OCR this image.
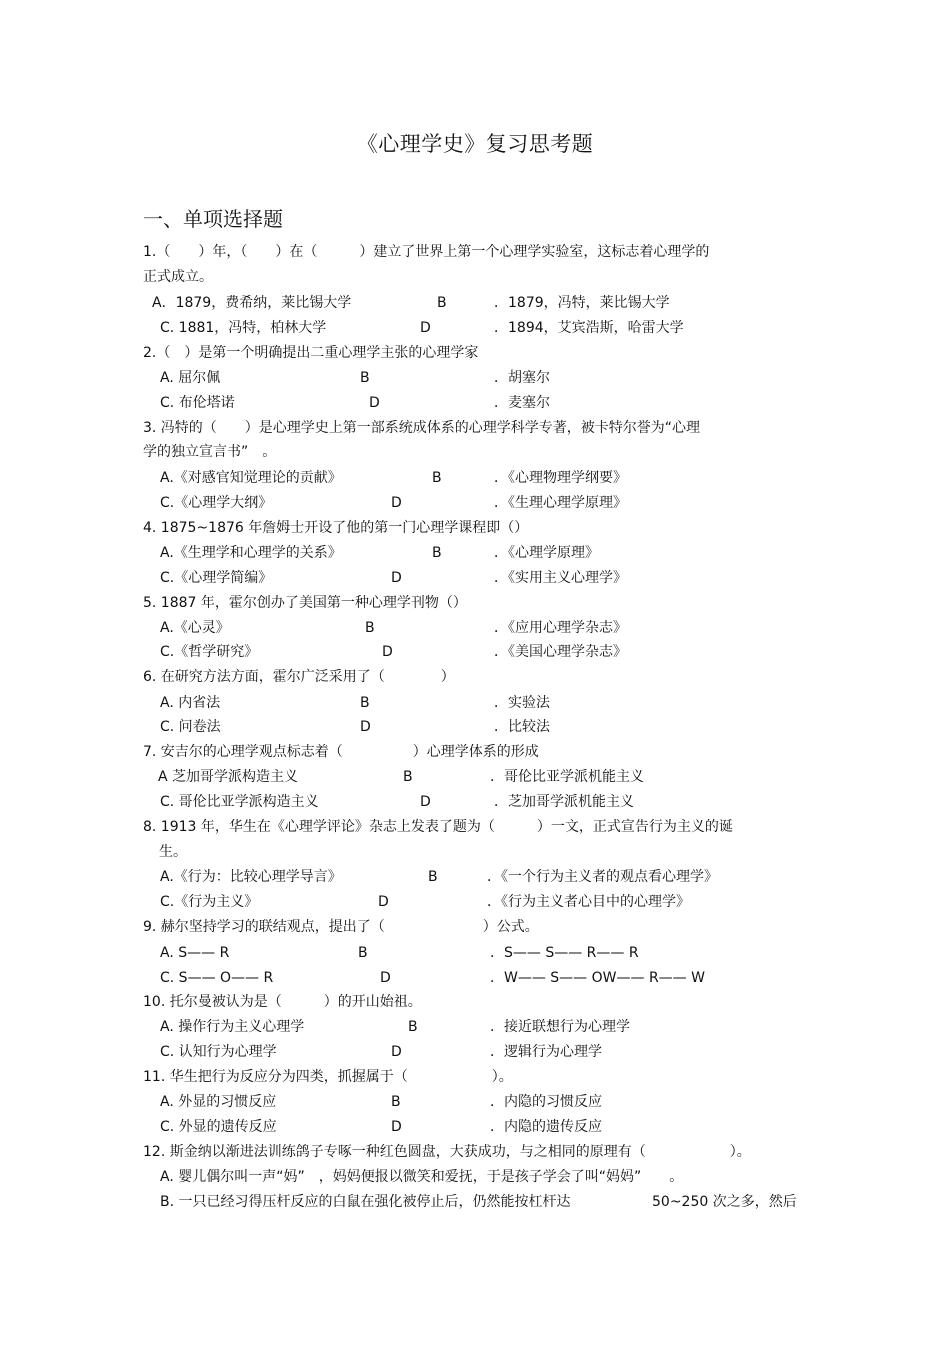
《心理学史》复习思考题
一、单项选择题
1.（　　）年，（　　）在（　　　）建立了世界上第一个心理学实验室，这标志着心理学的
正式成立。
A．1879，费希纳，莱比锡大学	B	．1879，冯特，莱比锡大学
C. 1881，冯特，柏林大学	D	．1894，艾宾浩斯，哈雷大学
2.（　）是第一个明确提出二重心理学主张的心理学家
A. 屈尔佩	B	．胡塞尔
C. 布伦塔诺	D	．麦塞尔
3. 冯特的（　　）是心理学史上第一部系统成体系的心理学科学专著，被卡特尔誉为“心理
学的独立宣言书”　。
A.《对感官知觉理论的贡献》	B	．《心理物理学纲要》
C.《心理学大纲》	D	．《生理心理学原理》
4. 1875~1876 年詹姆士开设了他的第一门心理学课程即（）
A.《生理学和心理学的关系》	B	．《心理学原理》
C.《心理学简编》	D	．《实用主义心理学》
5. 1887 年，霍尔创办了美国第一种心理学刊物（）
A.《心灵》	B	．《应用心理学杂志》
C.《哲学研究》	D	．《美国心理学杂志》
6. 在研究方法方面，霍尔广泛采用了（　　　　）
A. 内省法	B	．实验法
C. 问卷法	D	．比较法
7. 安吉尔的心理学观点标志着（　　　　　）心理学体系的形成
A 芝加哥学派构造主义	B	．哥伦比亚学派机能主义
C. 哥伦比亚学派构造主义	D	．芝加哥学派机能主义
8. 1913 年，华生在《心理学评论》杂志上发表了题为（　　　）一文，正式宣告行为主义的诞
生。
A.《行为：比较心理学导言》	B	．《一个行为主义者的观点看心理学》
C.《行为主义》	D	．《行为主义者心目中的心理学》
9. 赫尔坚持学习的联结观点，提出了（　　　　　　　）公式。
A. S—— R	B	．S—— S—— R—— R
C. S—— O—— R	D	．W—— S—— OW—— R—— W
10. 托尔曼被认为是（　　　）的开山始祖。
A. 操作行为主义心理学	B	．接近联想行为心理学
C. 认知行为心理学	D	．逻辑行为心理学
11. 华生把行为反应分为四类，抓握属于（　　　　　　）。
A. 外显的习惯反应	B	．内隐的习惯反应
C. 外显的遗传反应	D	．内隐的遗传反应
12. 斯金纳以渐进法训练鸽子专啄一种红色圆盘，大获成功，与之相同的原理有（　　　　　　）。
A. 婴儿偶尔叫一声“妈”　，妈妈便报以微笑和爱抚，于是孩子学会了叫“妈妈”　　。
B. 一只已经习得压杆反应的白鼠在强化被停止后，仍然能按杠杆达	50~250 次之多，然后
